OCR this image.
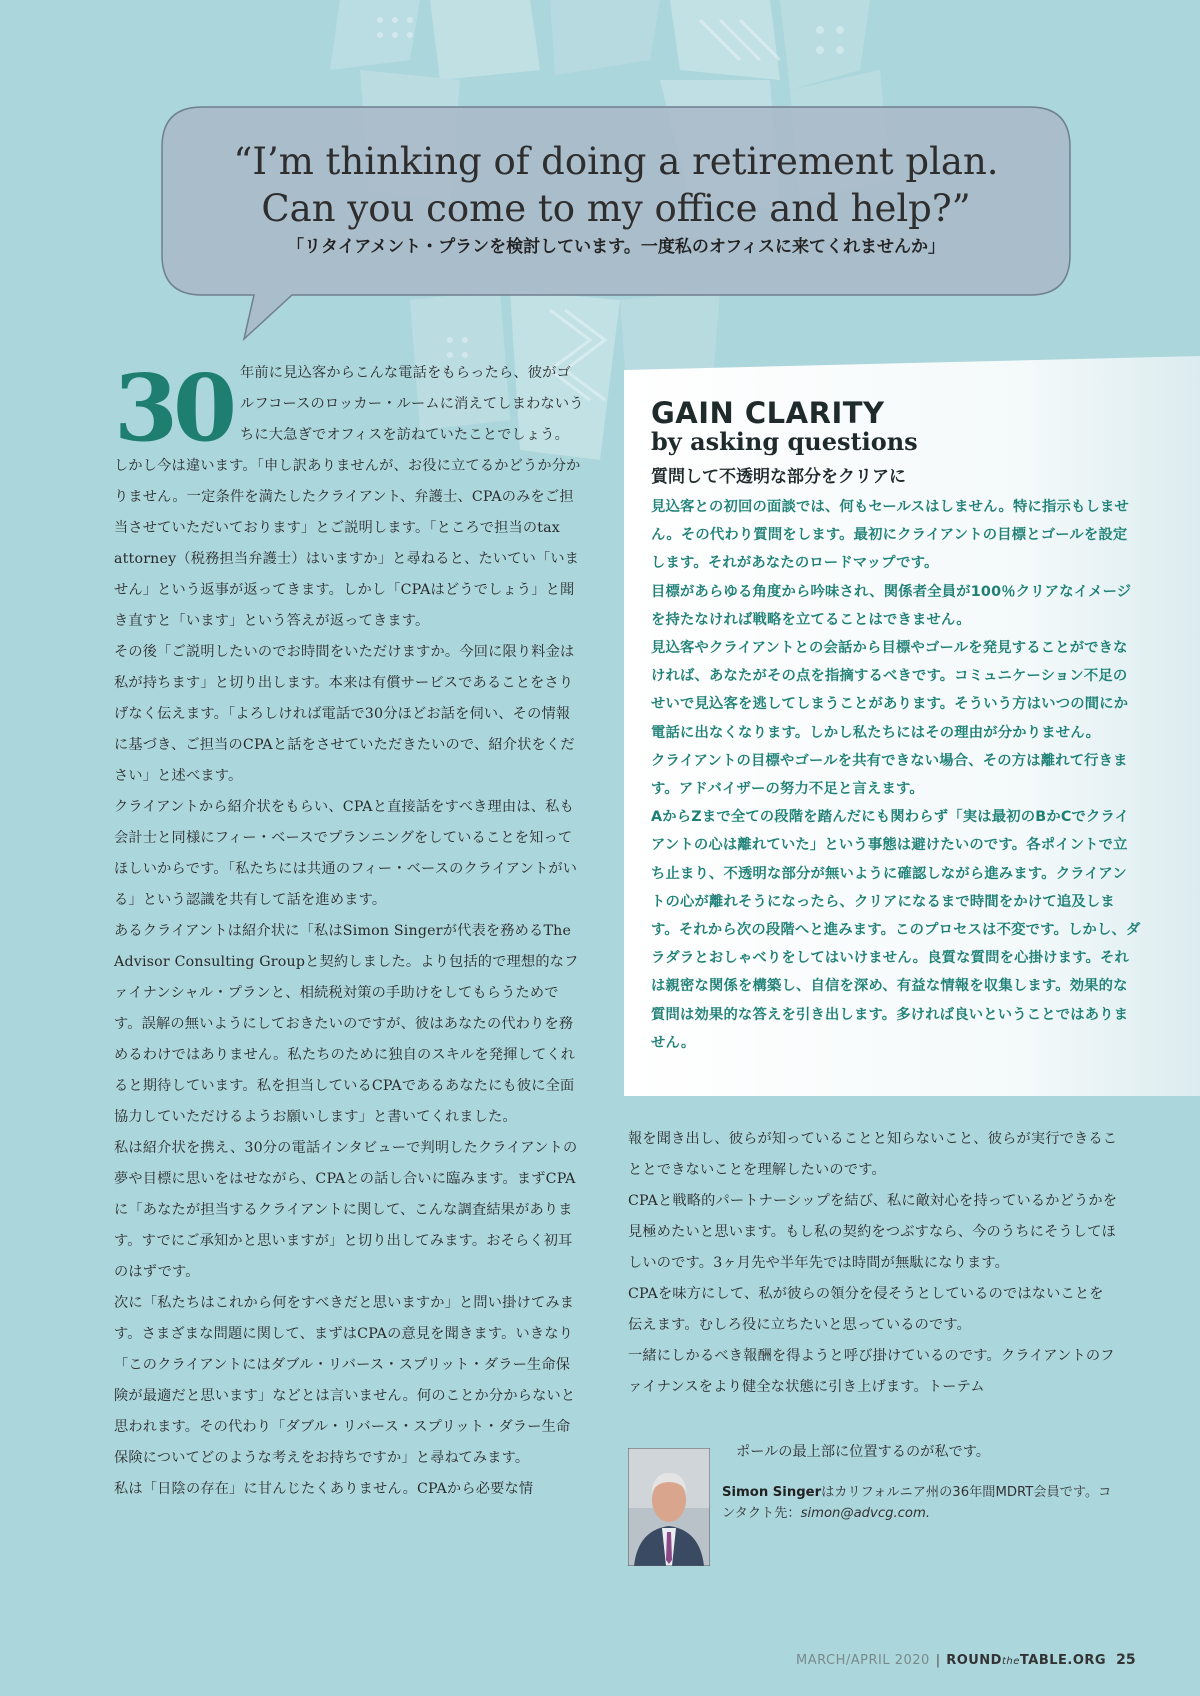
“I’m thinking of doing a retirement plan.

Can you come to my office and help?”

「リタイアメント・プランを検討しています。一度私のオフィスに来てくれませんか」

30 年前に見込客からこんな電話をもらったら、彼がゴルフコースのロッカー・ルームに消えてしまわないうちに大急ぎでオフィスを訪ねていたことでしょう。

しかし今は違います。「申し訳ありませんが、お役に立てるかどうか分かりません。一定条件を満たしたクライアント、弁護士、CPAのみをご担当させていただいております」とご説明します。「ところで担当のtax attorney（税務担当弁護士）はいますか」と尋ねると、たいてい「いません」という返事が返ってきます。しかし「CPAはどうでしょう」と聞き直すと「います」という答えが返ってきます。

その後「ご説明したいのでお時間をいただけますか。今回に限り料金は私が持ちます」と切り出します。本来は有償サービスであることをさりげなく伝えます。「よろしければ電話で30分ほどお話を伺い、その情報に基づき、ご担当のCPAと話をさせていただきたいので、紹介状をください」と述べます。

クライアントから紹介状をもらい、CPAと直接話をすべき理由は、私も会計士と同様にフィー・ベースでプランニングをしていることを知ってほしいからです。「私たちには共通のフィー・ベースのクライアントがいる」という認識を共有して話を進めます。

あるクライアントは紹介状に「私はSimon Singerが代表を務めるThe Advisor Consulting Groupと契約しました。より包括的で理想的なファイナンシャル・プランと、相続税対策の手助けをしてもらうためです。誤解の無いようにしておきたいのですが、彼はあなたの代わりを務めるわけではありません。私たちのために独自のスキルを発揮してくれると期待しています。私を担当しているCPAであるあなたにも彼に全面協力していただけるようお願いします」と書いてくれました。

私は紹介状を携え、30分の電話インタビューで判明したクライアントの夢や目標に思いをはせながら、CPAとの話し合いに臨みます。まずCPAに「あなたが担当するクライアントに関して、こんな調査結果があります。すでにご承知かと思いますが」と切り出してみます。おそらく初耳のはずです。

次に「私たちはこれから何をすべきだと思いますか」と問い掛けてみます。さまざまな問題に関して、まずはCPAの意見を聞きます。いきなり「このクライアントにはダブル・リバース・スプリット・ダラー生命保険が最適だと思います」などとは言いません。何のことか分からないと思われます。その代わり「ダブル・リバース・スプリット・ダラー生命保険についてどのような考えをお持ちですか」と尋ねてみます。

私は「日陰の存在」に甘んじたくありません。CPAから必要な情

GAIN CLARITY

by asking questions

質問して不透明な部分をクリアに

見込客との初回の面談では、何もセールスはしません。特に指示もしません。その代わり質問をします。最初にクライアントの目標とゴールを設定します。それがあなたのロードマップです。

目標があらゆる角度から吟味され、関係者全員が100％クリアなイメージを持たなければ戦略を立てることはできません。

見込客やクライアントとの会話から目標やゴールを発見することができなければ、あなたがその点を指摘するべきです。コミュニケーション不足のせいで見込客を逃してしまうことがあります。そういう方はいつの間にか電話に出なくなります。しかし私たちにはその理由が分かりません。

クライアントの目標やゴールを共有できない場合、その方は離れて行きます。アドバイザーの努力不足と言えます。

AからZまで全ての段階を踏んだにも関わらず「実は最初のBかCでクライアントの心は離れていた」という事態は避けたいのです。各ポイントで立ち止まり、不透明な部分が無いように確認しながら進みます。クライアントの心が離れそうになったら、クリアになるまで時間をかけて追及します。それから次の段階へと進みます。このプロセスは不変です。しかし、ダラダラとおしゃべりをしてはいけません。良質な質問を心掛けます。それは親密な関係を構築し、自信を深め、有益な情報を収集します。効果的な質問は効果的な答えを引き出します。多ければ良いということではありません。

報を聞き出し、彼らが知っていることと知らないこと、彼らが実行できることとできないことを理解したいのです。

CPAと戦略的パートナーシップを結び、私に敵対心を持っているかどうかを見極めたいと思います。もし私の契約をつぶすなら、今のうちにそうしてほしいのです。3ヶ月先や半年先では時間が無駄になります。

CPAを味方にして、私が彼らの領分を侵そうとしているのではないことを伝えます。むしろ役に立ちたいと思っているのです。

一緒にしかるべき報酬を得ようと呼び掛けているのです。クライアントのファイナンスをより健全な状態に引き上げます。トーテム

ポールの最上部に位置するのが私です。
Simon Singerはカリフォルニア州の36年間MDRT会員です。コンタクト先：simon@advcg.com.
MARCH/APRIL 2020 | ROUNDtheTABLE.ORG 25
